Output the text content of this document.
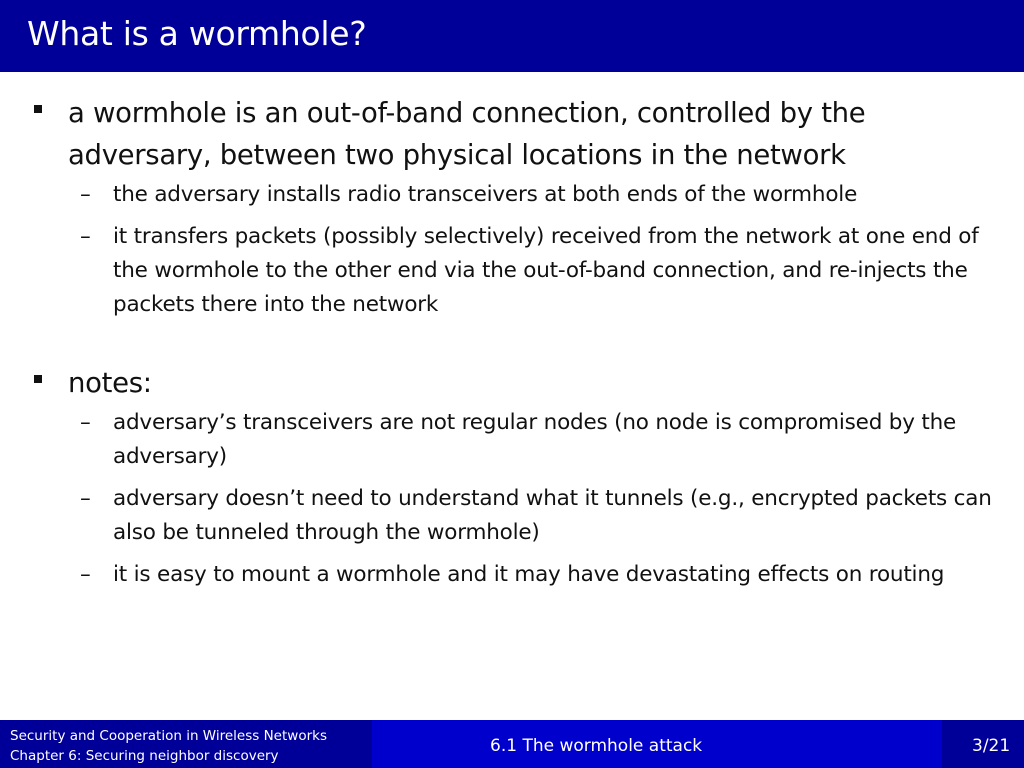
What is a wormhole?
a wormhole is an out-of-band connection, controlled by the adversary, between two physical locations in the network
– the adversary installs radio transceivers at both ends of the wormhole
– it transfers packets (possibly selectively) received from the network at one end of the wormhole to the other end via the out-of-band connection, and re-injects the packets there into the network
notes:
– adversary’s transceivers are not regular nodes (no node is compromised by the adversary)
– adversary doesn’t need to understand what it tunnels (e.g., encrypted packets can also be tunneled through the wormhole)
– it is easy to mount a wormhole and it may have devastating effects on routing
Security and Cooperation in Wireless Networks
Chapter 6: Securing neighbor discovery	6.1 The wormhole attack	3/21
